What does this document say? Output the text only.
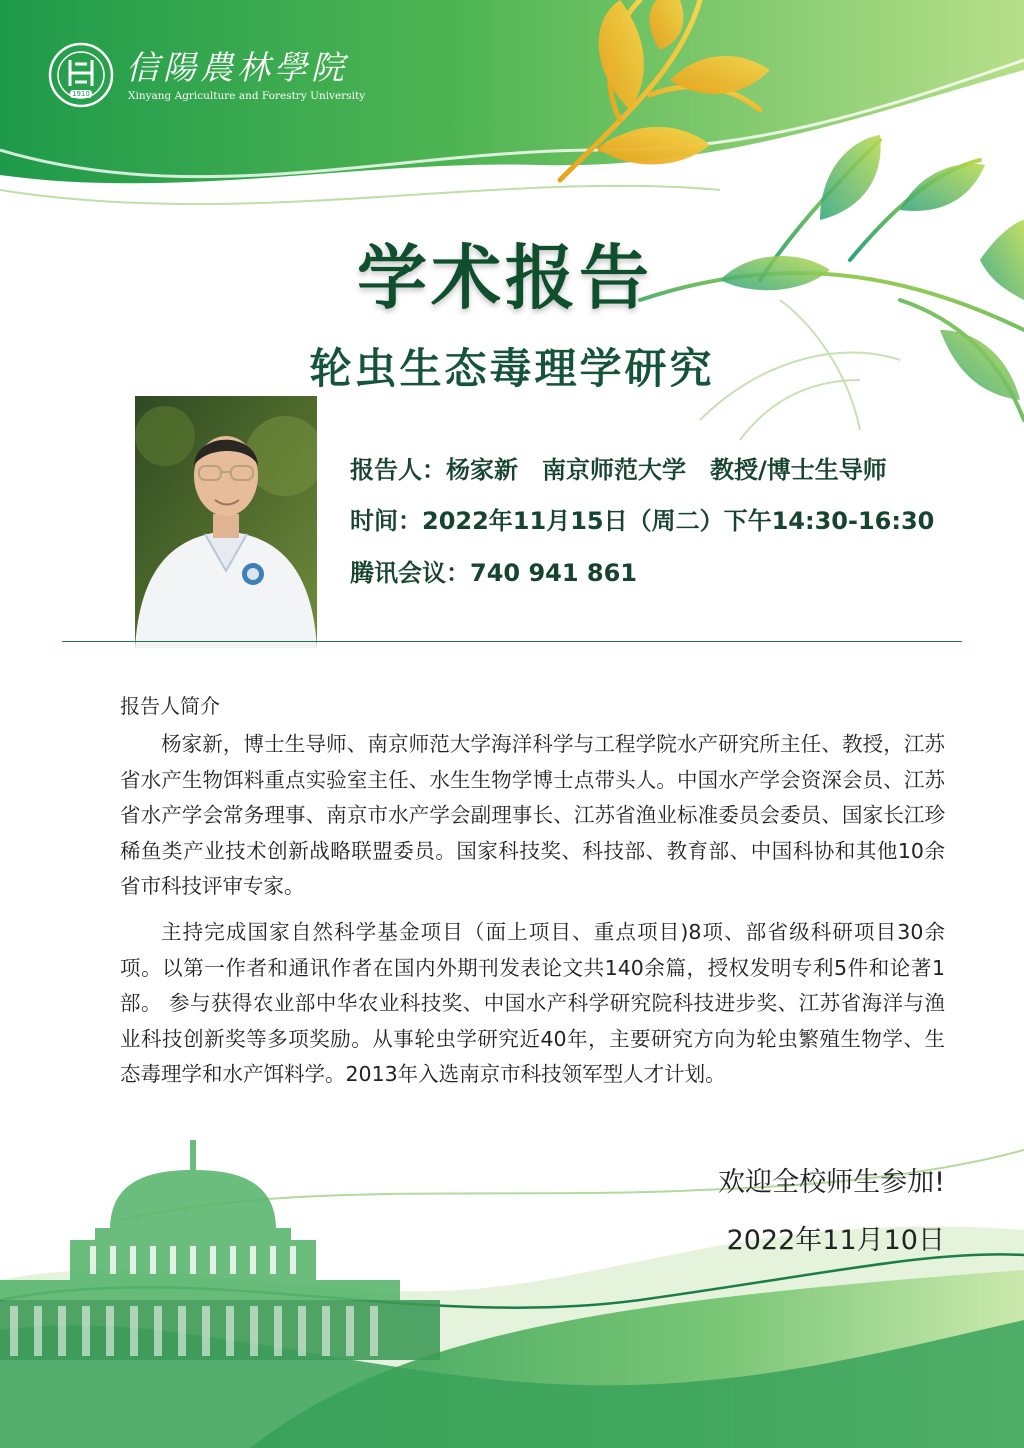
1910
信陽農林學院
Xinyang Agriculture and Forestry University
学术报告
轮虫生态毒理学研究
报告人：杨家新　南京师范大学　教授/博士生导师
时间：2022年11月15日（周二）下午14:30-16:30
腾讯会议：740 941 861
报告人简介
杨家新，博士生导师、南京师范大学海洋科学与工程学院水产研究所主任、教授，江苏省水产生物饵料重点实验室主任、水生生物学博士点带头人。中国水产学会资深会员、江苏省水产学会常务理事、南京市水产学会副理事长、江苏省渔业标准委员会委员、国家长江珍稀鱼类产业技术创新战略联盟委员。国家科技奖、科技部、教育部、中国科协和其他10余省市科技评审专家。
主持完成国家自然科学基金项目（面上项目、重点项目)8项、部省级科研项目30余项。以第一作者和通讯作者在国内外期刊发表论文共140余篇，授权发明专利5件和论著1部。 参与获得农业部中华农业科技奖、中国水产科学研究院科技进步奖、江苏省海洋与渔业科技创新奖等多项奖励。从事轮虫学研究近40年，主要研究方向为轮虫繁殖生物学、生态毒理学和水产饵料学。2013年入选南京市科技领军型人才计划。
欢迎全校师生参加!
2022年11月10日
